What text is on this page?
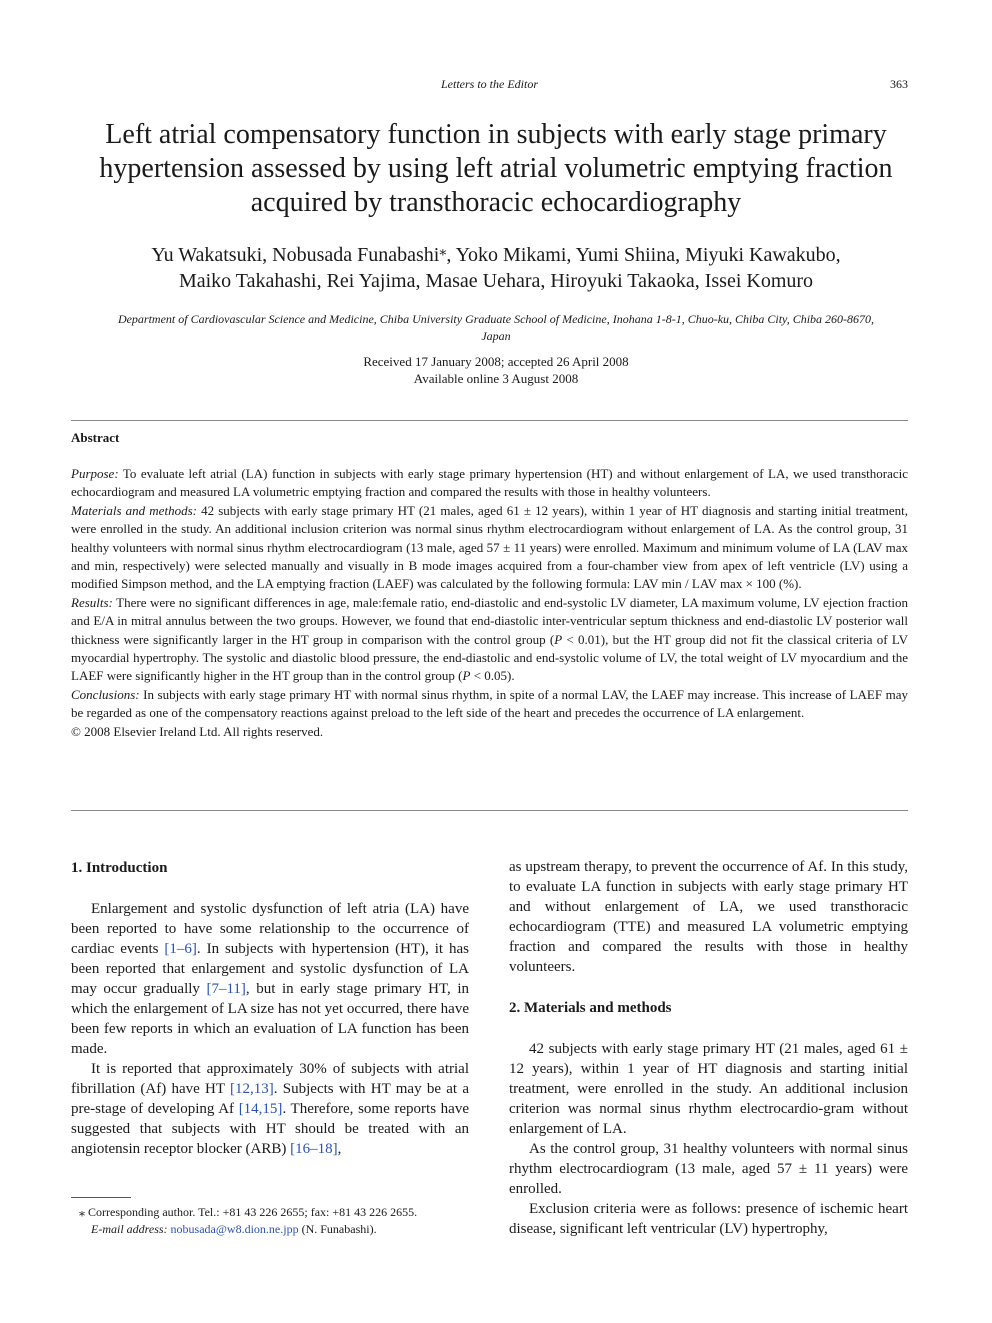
Letters to the Editor	363
Left atrial compensatory function in subjects with early stage primary hypertension assessed by using left atrial volumetric emptying fraction acquired by transthoracic echocardiography
Yu Wakatsuki, Nobusada Funabashi⁎, Yoko Mikami, Yumi Shiina, Miyuki Kawakubo,
Maiko Takahashi, Rei Yajima, Masae Uehara, Hiroyuki Takaoka, Issei Komuro
Department of Cardiovascular Science and Medicine, Chiba University Graduate School of Medicine, Inohana 1-8-1, Chuo-ku, Chiba City, Chiba 260-8670, Japan
Received 17 January 2008; accepted 26 April 2008
Available online 3 August 2008
Abstract

Purpose: To evaluate left atrial (LA) function in subjects with early stage primary hypertension (HT) and without enlargement of LA, we used transthoracic echocardiogram and measured LA volumetric emptying fraction and compared the results with those in healthy volunteers.

Materials and methods: 42 subjects with early stage primary HT (21 males, aged 61 ± 12 years), within 1 year of HT diagnosis and starting initial treatment, were enrolled in the study. An additional inclusion criterion was normal sinus rhythm electrocardiogram without enlargement of LA. As the control group, 31 healthy volunteers with normal sinus rhythm electrocardiogram (13 male, aged 57 ± 11 years) were enrolled. Maximum and minimum volume of LA (LAV max and min, respectively) were selected manually and visually in B mode images acquired from a four-chamber view from apex of left ventricle (LV) using a modified Simpson method, and the LA emptying fraction (LAEF) was calculated by the following formula: LAV min / LAV max × 100 (%).

Results: There were no significant differences in age, male:female ratio, end-diastolic and end-systolic LV diameter, LA maximum volume, LV ejection fraction and E/A in mitral annulus between the two groups. However, we found that end-diastolic inter-ventricular septum thickness and end-diastolic LV posterior wall thickness were significantly larger in the HT group in comparison with the control group (P < 0.01), but the HT group did not fit the classical criteria of LV myocardial hypertrophy. The systolic and diastolic blood pressure, the end-diastolic and end-systolic volume of LV, the total weight of LV myocardium and the LAEF were significantly higher in the HT group than in the control group (P < 0.05).

Conclusions: In subjects with early stage primary HT with normal sinus rhythm, in spite of a normal LAV, the LAEF may increase. This increase of LAEF may be regarded as one of the compensatory reactions against preload to the left side of the heart and precedes the occurrence of LA enlargement.

© 2008 Elsevier Ireland Ltd. All rights reserved.

1. Introduction

Enlargement and systolic dysfunction of left atria (LA) have been reported to have some relationship to the occurrence of cardiac events [1–6]. In subjects with hypertension (HT), it has been reported that enlargement and systolic dysfunction of LA may occur gradually [7–11], but in early stage primary HT, in which the enlargement of LA size has not yet occurred, there have been few reports in which an evaluation of LA function has been made.

It is reported that approximately 30% of subjects with atrial fibrillation (Af) have HT [12,13]. Subjects with HT may be at a pre-stage of developing Af [14,15]. Therefore, some reports have suggested that subjects with HT should be treated with an angiotensin receptor blocker (ARB) [16–18],

as upstream therapy, to prevent the occurrence of Af. In this study, to evaluate LA function in subjects with early stage primary HT and without enlargement of LA, we used transthoracic echocardiogram (TTE) and measured LA volumetric emptying fraction and compared the results with those in healthy volunteers.

2. Materials and methods

42 subjects with early stage primary HT (21 males, aged 61 ± 12 years), within 1 year of HT diagnosis and starting initial treatment, were enrolled in the study. An additional inclusion criterion was normal sinus rhythm electrocardio-gram without enlargement of LA.

As the control group, 31 healthy volunteers with normal sinus rhythm electrocardiogram (13 male, aged 57 ± 11 years) were enrolled.

Exclusion criteria were as follows: presence of ischemic heart disease, significant left ventricular (LV) hypertrophy,

⁎ Corresponding author. Tel.: +81 43 226 2655; fax: +81 43 226 2655.
E-mail address: nobusada@w8.dion.ne.jpp (N. Funabashi).
